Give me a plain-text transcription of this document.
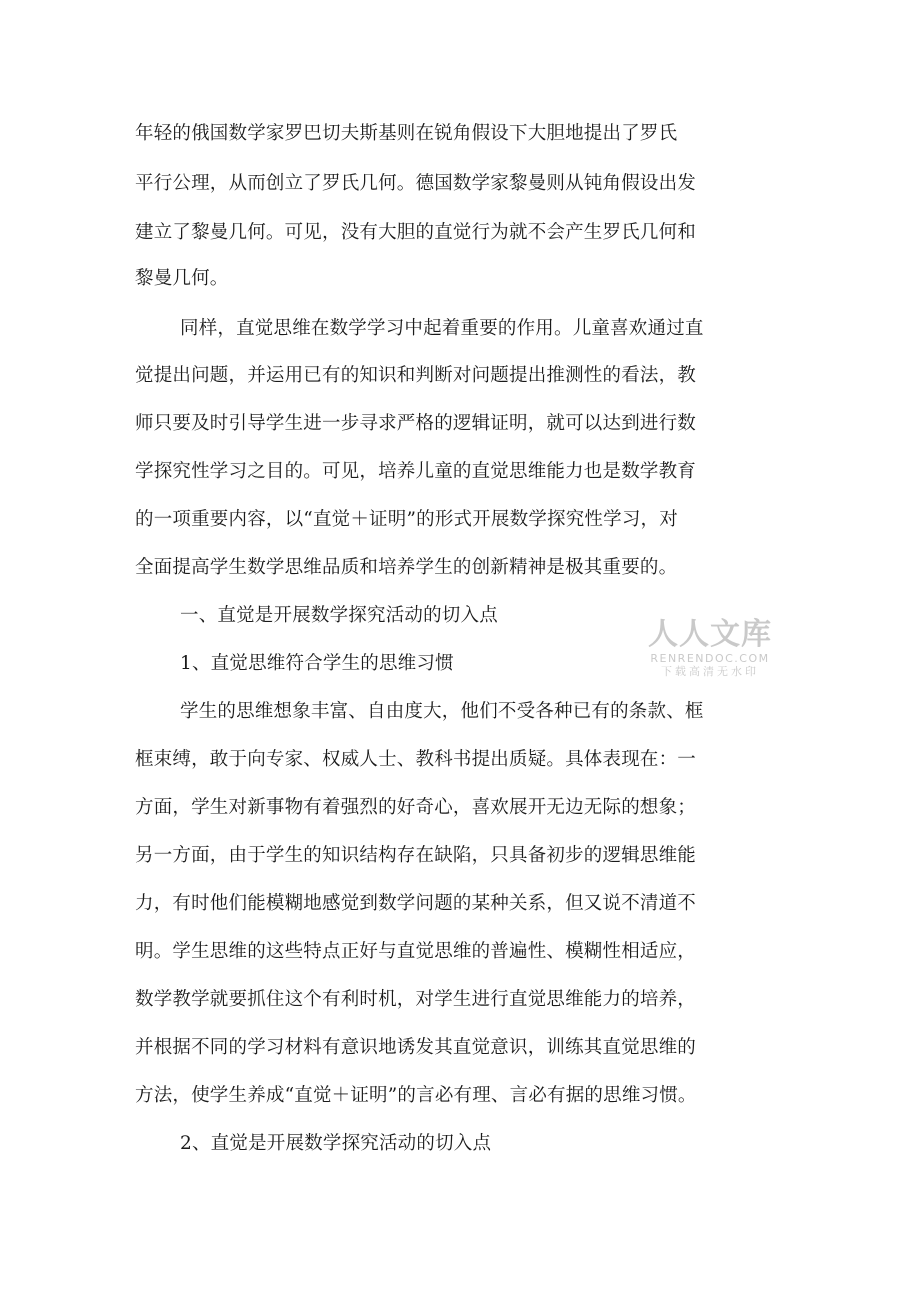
年轻的俄国数学家罗巴切夫斯基则在锐角假设下大胆地提出了罗氏
平行公理，从而创立了罗氏几何。德国数学家黎曼则从钝角假设出发
建立了黎曼几何。可见，没有大胆的直觉行为就不会产生罗氏几何和
黎曼几何。
同样，直觉思维在数学学习中起着重要的作用。儿童喜欢通过直
觉提出问题，并运用已有的知识和判断对问题提出推测性的看法，教
师只要及时引导学生进一步寻求严格的逻辑证明，就可以达到进行数
学探究性学习之目的。可见，培养儿童的直觉思维能力也是数学教育
的一项重要内容，以“直觉＋证明”的形式开展数学探究性学习，对
全面提高学生数学思维品质和培养学生的创新精神是极其重要的。
一、直觉是开展数学探究活动的切入点
1、直觉思维符合学生的思维习惯
学生的思维想象丰富、自由度大，他们不受各种已有的条款、框
框束缚，敢于向专家、权威人士、教科书提出质疑。具体表现在：一
方面，学生对新事物有着强烈的好奇心，喜欢展开无边无际的想象；
另一方面，由于学生的知识结构存在缺陷，只具备初步的逻辑思维能
力，有时他们能模糊地感觉到数学问题的某种关系，但又说不清道不
明。学生思维的这些特点正好与直觉思维的普遍性、模糊性相适应，
数学教学就要抓住这个有利时机，对学生进行直觉思维能力的培养，
并根据不同的学习材料有意识地诱发其直觉意识，训练其直觉思维的
方法，使学生养成“直觉＋证明”的言必有理、言必有据的思维习惯。
2、直觉是开展数学探究活动的切入点
人人文库
RENRENDOC.COM
下载高清无水印
